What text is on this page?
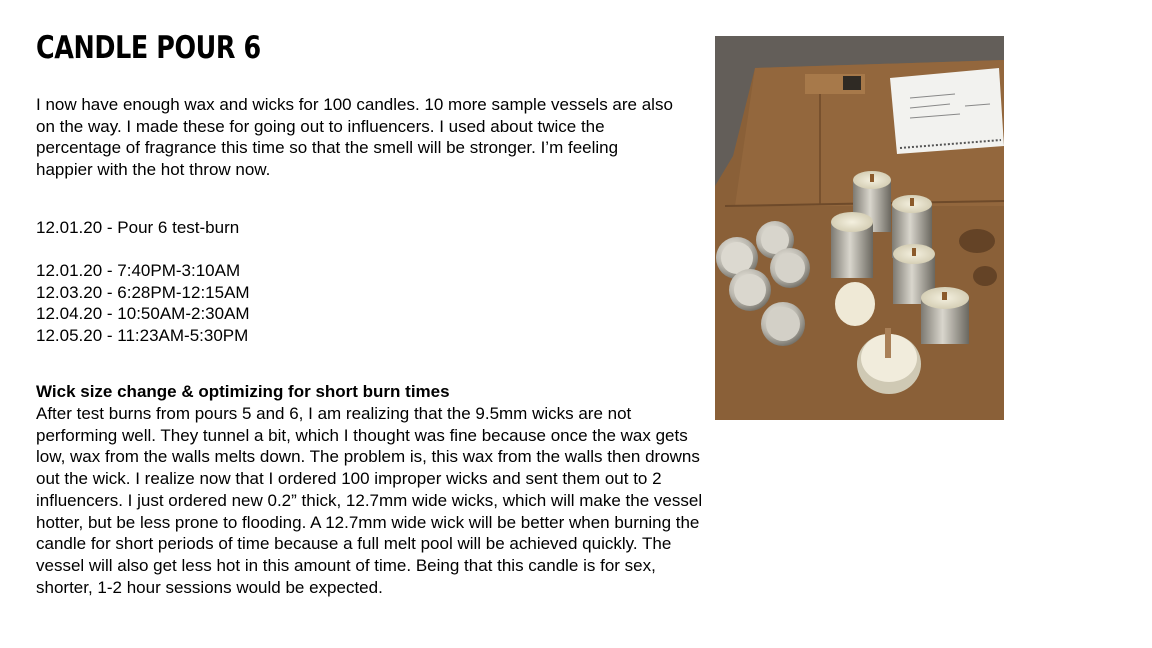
CANDLE POUR 6

I now have enough wax and wicks for 100 candles. 10 more sample vessels are also on the way. I made these for going out to influencers. I used about twice the percentage of fragrance this time so that the smell will be stronger. I’m feeling happier with the hot throw now.

12.01.20 - Pour 6 test-burn

12.01.20 - 7:40PM-3:10AM
12.03.20 - 6:28PM-12:15AM
12.04.20 - 10:50AM-2:30AM
12.05.20 - 11:23AM-5:30PM
Wick size change & optimizing for short burn times

After test burns from pours 5 and 6, I am realizing that the 9.5mm wicks are not performing well. They tunnel a bit, which I thought was fine because once the wax gets low, wax from the walls melts down. The problem is, this wax from the walls then drowns out the wick. I realize now that I ordered 100 improper wicks and sent them out to 2 influencers. I just ordered new 0.2” thick, 12.7mm wide wicks, which will make the vessel hotter, but be less prone to flooding. A 12.7mm wide wick will be better when burning the candle for short periods of time because a full melt pool will be achieved quickly. The vessel will also get less hot in this amount of time. Being that this candle is for sex, shorter, 1-2 hour sessions would be expected.
